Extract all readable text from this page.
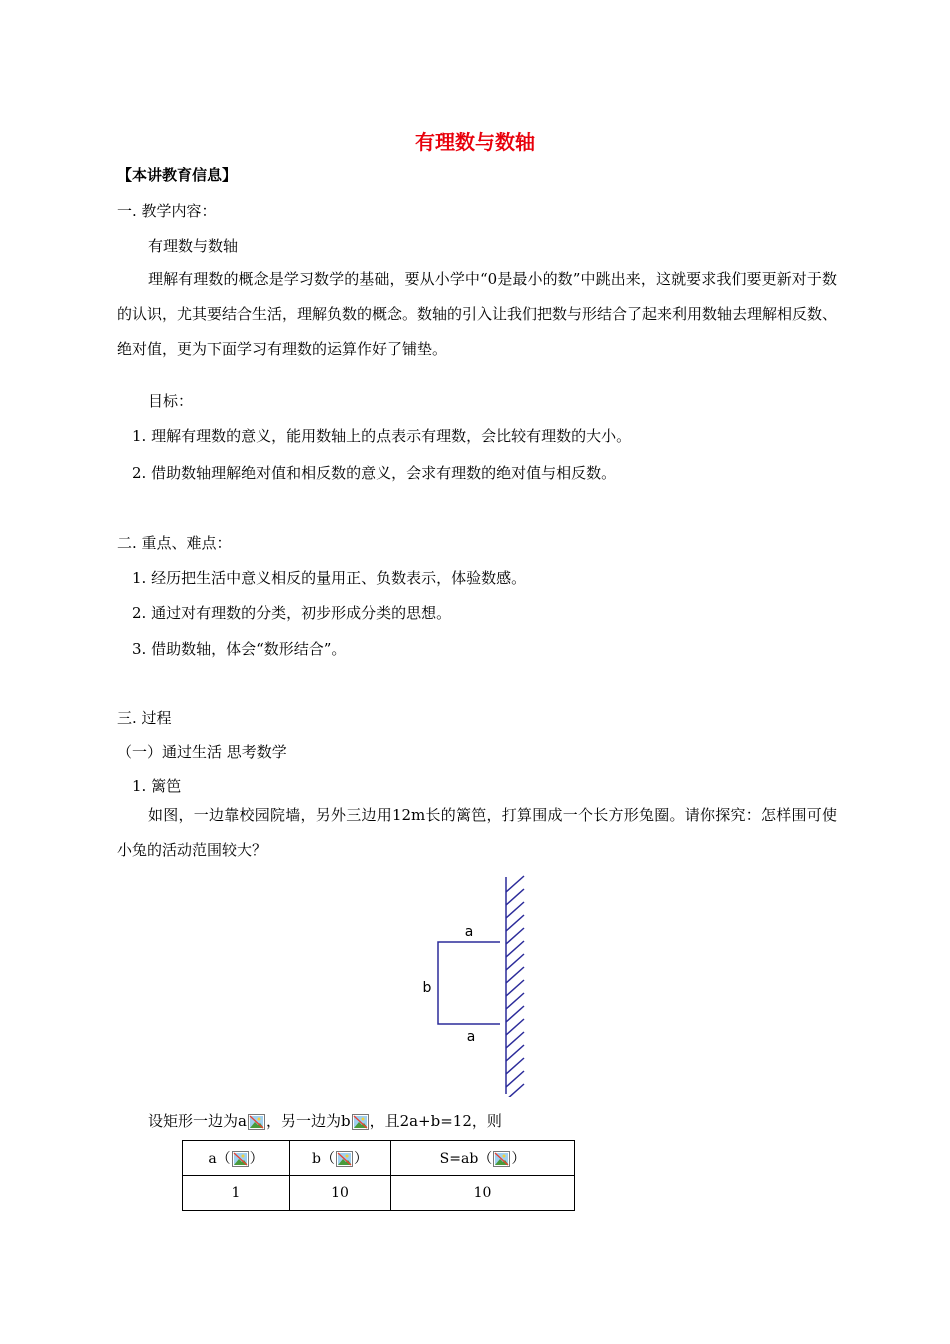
有理数与数轴
【本讲教育信息】
一. 教学内容：
有理数与数轴
理解有理数的概念是学习数学的基础，要从小学中“0是最小的数”中跳出来，这就要求我们要更新对于数的认识，尤其要结合生活，理解负数的概念。数轴的引入让我们把数与形结合了起来利用数轴去理解相反数、绝对值，更为下面学习有理数的运算作好了铺垫。
目标：
1. 理解有理数的意义，能用数轴上的点表示有理数，会比较有理数的大小。
2. 借助数轴理解绝对值和相反数的意义，会求有理数的绝对值与相反数。
二. 重点、难点：
1. 经历把生活中意义相反的量用正、负数表示，体验数感。
2. 通过对有理数的分类，初步形成分类的思想。
3. 借助数轴，体会“数形结合”。
三. 过程
（一）通过生活 思考数学
1. 篱笆
如图，一边靠校园院墙，另外三边用12m长的篱笆，打算围成一个长方形兔圈。请你探究：怎样围可使小兔的活动范围较大？
a
b
a
设矩形一边为a ，另一边为b ，且2a+b=12，则
a（ ）	b（ ）	S=ab（ ）
1	10	10
